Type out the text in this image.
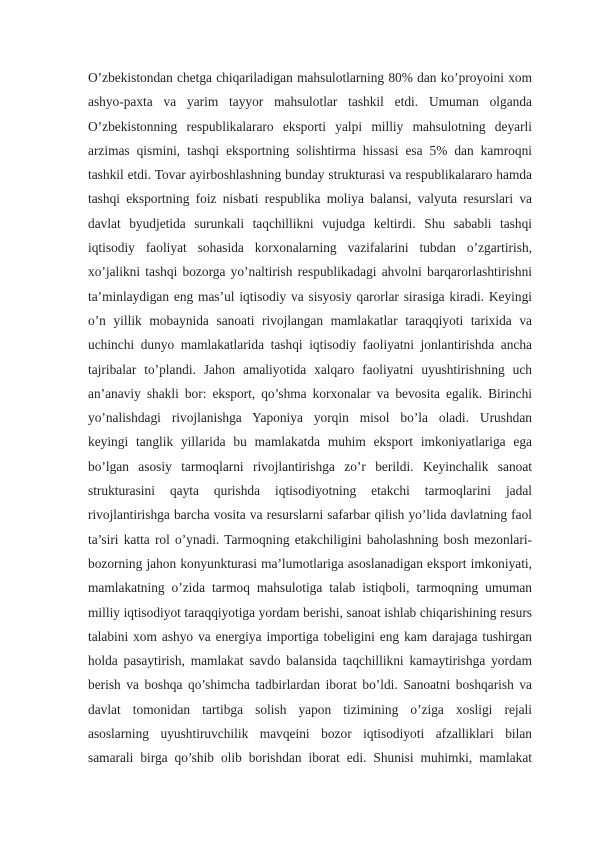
O’zbekistondan chetga chiqariladigan mahsulotlarning 80% dan ko’proyoini xom
ashyo-paxta va yarim tayyor mahsulotlar tashkil etdi. Umuman olganda
O’zbekistonning respublikalararo eksporti yalpi milliy mahsulotning deyarli
arzimas qismini, tashqi eksportning solishtirma hissasi esa 5% dan kamroqni
tashkil etdi. Tovar ayirboshlashning bunday strukturasi va respublikalararo hamda
tashqi eksportning foiz nisbati respublika moliya balansi, valyuta resurslari va
davlat byudjetida surunkali taqchillikni vujudga keltirdi. Shu sababli tashqi
iqtisodiy faoliyat sohasida korxonalarning vazifalarini tubdan o’zgartirish,
xo’jalikni tashqi bozorga yo’naltirish respublikadagi ahvolni barqarorlashtirishni
ta’minlaydigan eng mas’ul iqtisodiy va sisyosiy qarorlar sirasiga kiradi. Keyingi
o’n yillik mobaynida sanoati rivojlangan mamlakatlar taraqqiyoti tarixida va
uchinchi dunyo mamlakatlarida tashqi iqtisodiy faoliyatni jonlantirishda ancha
tajribalar to’plandi. Jahon amaliyotida xalqaro faoliyatni uyushtirishning uch
an’anaviy shakli bor: eksport, qo’shma korxonalar va bevosita egalik. Birinchi
yo’nalishdagi rivojlanishga Yaponiya yorqin misol bo’la oladi. Urushdan
keyingi tanglik yillarida bu mamlakatda muhim eksport imkoniyatlariga ega
bo’lgan asosiy tarmoqlarni rivojlantirishga zo’r berildi. Keyinchalik sanoat
strukturasini qayta qurishda iqtisodiyotning etakchi tarmoqlarini jadal
rivojlantirishga barcha vosita va resurslarni safarbar qilish yo’lida davlatning faol
ta’siri katta rol o’ynadi. Tarmoqning etakchiligini baholashning bosh mezonlari-
bozorning jahon konyunkturasi ma’lumotlariga asoslanadigan eksport imkoniyati,
mamlakatning o’zida tarmoq mahsulotiga talab istiqboli, tarmoqning umuman
milliy iqtisodiyot taraqqiyotiga yordam berishi, sanoat ishlab chiqarishining resurs
talabini xom ashyo va energiya importiga tobeligini eng kam darajaga tushirgan
holda pasaytirish, mamlakat savdo balansida taqchillikni kamaytirishga yordam
berish va boshqa qo’shimcha tadbirlardan iborat bo’ldi. Sanoatni boshqarish va
davlat tomonidan tartibga solish yapon tizimining o’ziga xosligi rejali
asoslarning uyushtiruvchilik mavqeini bozor iqtisodiyoti afzalliklari bilan
samarali birga qo’shib olib borishdan iborat edi. Shunisi muhimki, mamlakat
